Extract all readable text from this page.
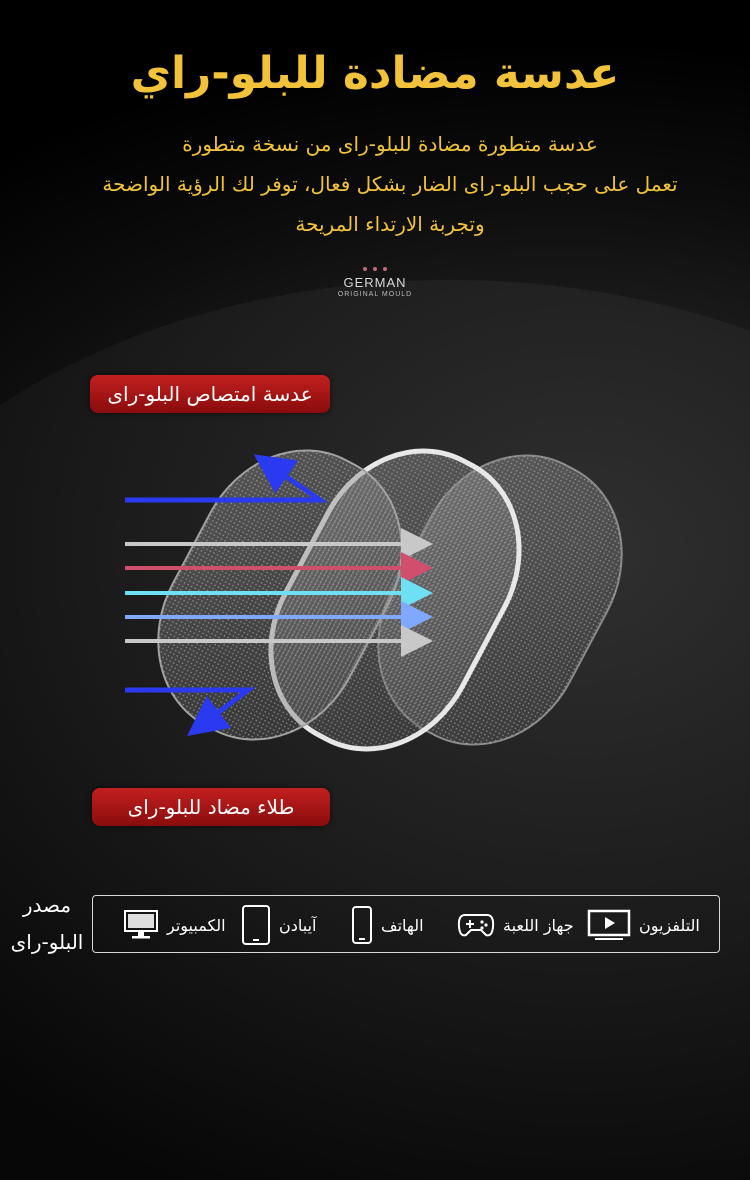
عدسة مضادة للبلو-راي
عدسة متطورة مضادة للبلو-راى من نسخة متطورة
تعمل على حجب البلو-راى الضار بشكل فعال، توفر لك الرؤية الواضحة
وتجربة الارتداء المريحة
GERMAN
ORIGINAL MOULD
عدسة امتصاص البلو-راى
طلاء مضاد للبلو-راى
مصدر
البلو-راى
التلفزيون
جهاز اللعبة
الهاتف
آيبادن
الكمبيوتر
